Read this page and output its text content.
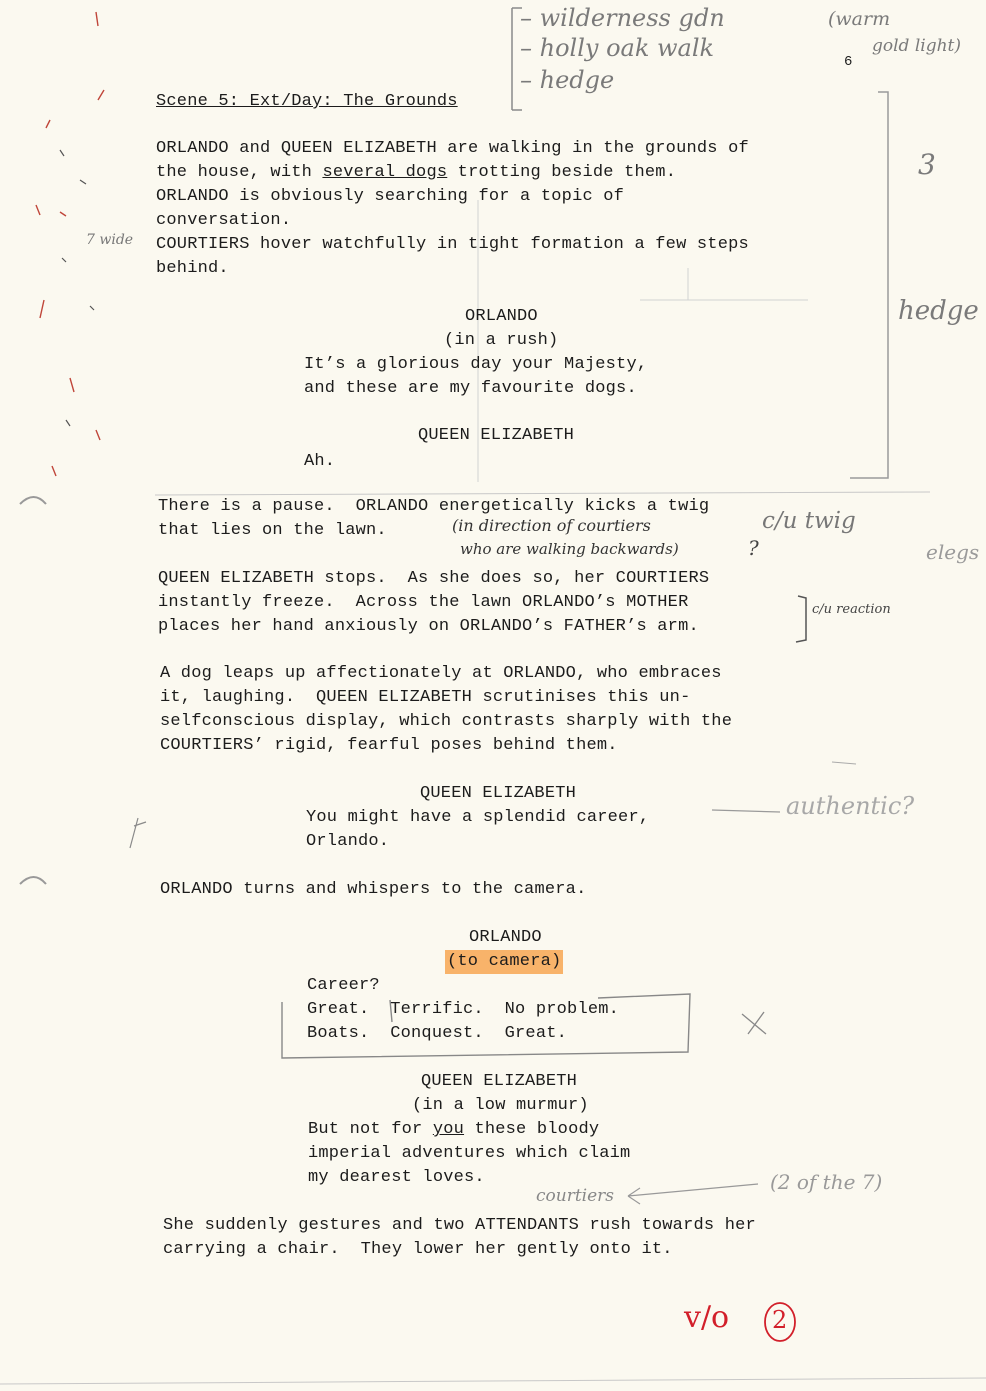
– wilderness gdn
– holly oak walk
– hedge
(warm
gold light)
3
hedge
7 wide
(in direction of courtiers
who are walking backwards)	?
c/u twig
elegs
c/u reaction
authentic?
courtiers
(2 of the 7)
v/o 2
6
Scene 5: Ext/Day: The Grounds
ORLANDO and QUEEN ELIZABETH are walking in the grounds of
the house, with several dogs trotting beside them.
ORLANDO is obviously searching for a topic of
conversation.
COURTIERS hover watchfully in tight formation a few steps
behind.
ORLANDO
(in a rush)
It’s a glorious day your Majesty,
and these are my favourite dogs.
QUEEN ELIZABETH
Ah.
There is a pause.  ORLANDO energetically kicks a twig
that lies on the lawn.
QUEEN ELIZABETH stops.  As she does so, her COURTIERS
instantly freeze.  Across the lawn ORLANDO’s MOTHER
places her hand anxiously on ORLANDO’s FATHER’s arm.
A dog leaps up affectionately at ORLANDO, who embraces
it, laughing.  QUEEN ELIZABETH scrutinises this un-
selfconscious display, which contrasts sharply with the
COURTIERS’ rigid, fearful poses behind them.
QUEEN ELIZABETH
You might have a splendid career,
Orlando.
ORLANDO turns and whispers to the camera.
ORLANDO
(to camera)
Career?
Great.  Terrific.  No problem.
Boats.  Conquest.  Great.
QUEEN ELIZABETH
(in a low murmur)
But not for you these bloody
imperial adventures which claim
my dearest loves.
She suddenly gestures and two ATTENDANTS rush towards her
carrying a chair.  They lower her gently onto it.
